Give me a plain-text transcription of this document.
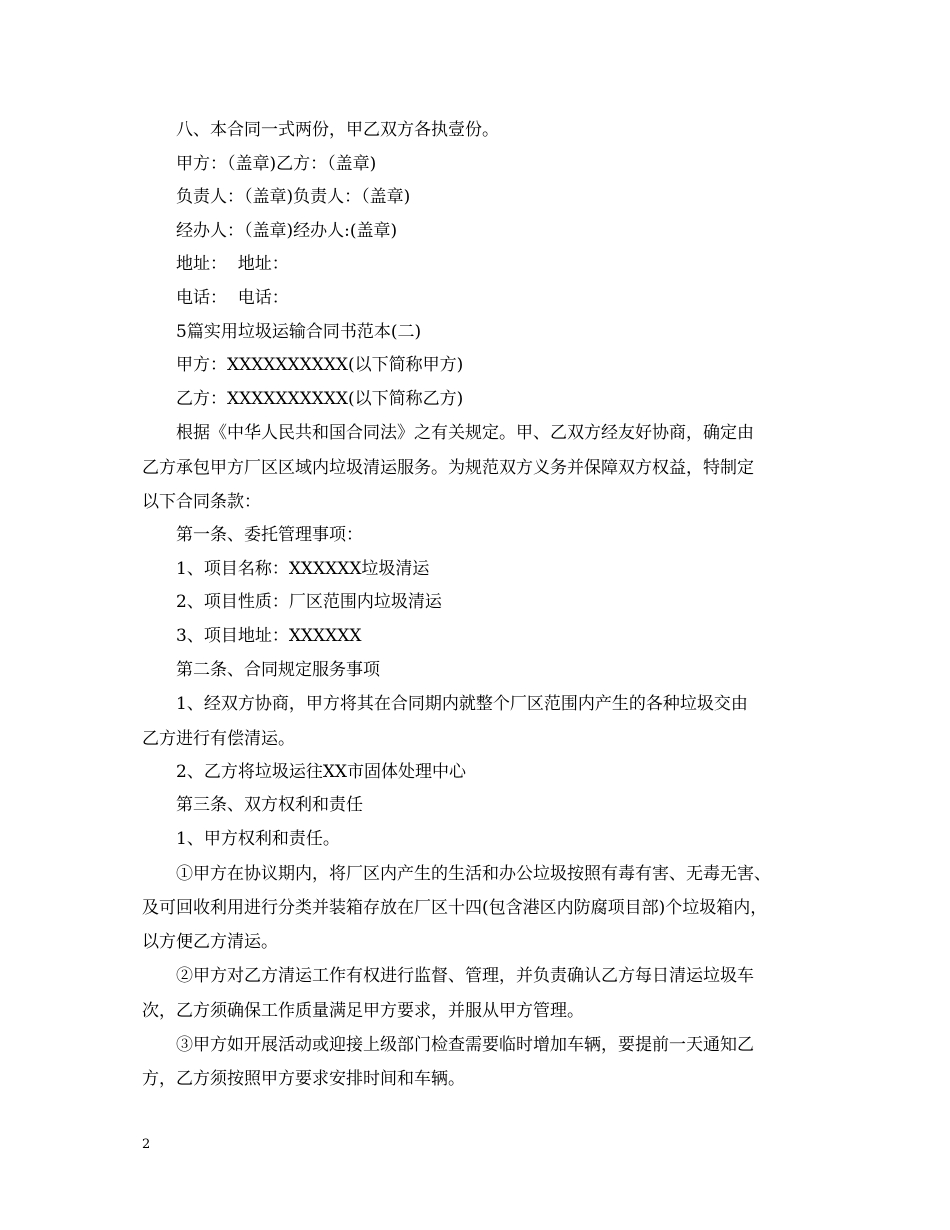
八、本合同一式两份，甲乙双方各执壹份。
甲方：（盖章)乙方：（盖章)
负责人：（盖章)负责人：（盖章)
经办人：（盖章)经办人:(盖章)
地址：  地址：
电话：  电话：
5篇实用垃圾运输合同书范本(二)
甲方：XXXXXXXXXX(以下简称甲方)
乙方：XXXXXXXXXX(以下简称乙方)
根据《中华人民共和国合同法》之有关规定。甲、乙双方经友好协商，确定由
乙方承包甲方厂区区域内垃圾清运服务。为规范双方义务并保障双方权益，特制定
以下合同条款：
第一条、委托管理事项：
1、项目名称：XXXXXX垃圾清运
2、项目性质：厂区范围内垃圾清运
3、项目地址：XXXXXX
第二条、合同规定服务事项
1、经双方协商，甲方将其在合同期内就整个厂区范围内产生的各种垃圾交由
乙方进行有偿清运。
2、乙方将垃圾运往XX市固体处理中心
第三条、双方权利和责任
1、甲方权利和责任。
①甲方在协议期内，将厂区内产生的生活和办公垃圾按照有毒有害、无毒无害、
及可回收利用进行分类并装箱存放在厂区十四(包含港区内防腐项目部)个垃圾箱内，
以方便乙方清运。
②甲方对乙方清运工作有权进行监督、管理，并负责确认乙方每日清运垃圾车
次，乙方须确保工作质量满足甲方要求，并服从甲方管理。
③甲方如开展活动或迎接上级部门检查需要临时增加车辆，要提前一天通知乙
方，乙方须按照甲方要求安排时间和车辆。
2
